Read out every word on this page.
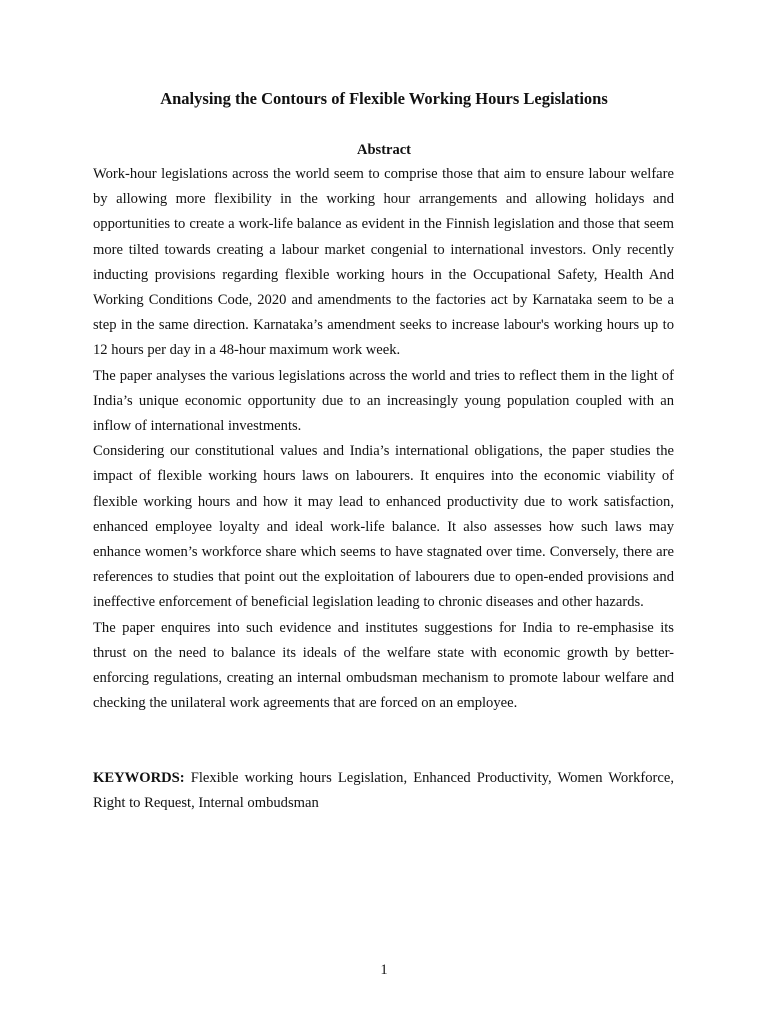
Analysing the Contours of Flexible Working Hours Legislations
Abstract

Work-hour legislations across the world seem to comprise those that aim to ensure labour welfare by allowing more flexibility in the working hour arrangements and allowing holidays and opportunities to create a work-life balance as evident in the Finnish legislation and those that seem more tilted towards creating a labour market congenial to international investors. Only recently inducting provisions regarding flexible working hours in the Occupational Safety, Health And Working Conditions Code, 2020 and amendments to the factories act by Karnataka seem to be a step in the same direction. Karnataka’s amendment seeks to increase labour's working hours up to 12 hours per day in a 48-hour maximum work week.

The paper analyses the various legislations across the world and tries to reflect them in the light of India’s unique economic opportunity due to an increasingly young population coupled with an inflow of international investments.

Considering our constitutional values and India’s international obligations, the paper studies the impact of flexible working hours laws on labourers. It enquires into the economic viability of flexible working hours and how it may lead to enhanced productivity due to work satisfaction, enhanced employee loyalty and ideal work-life balance. It also assesses how such laws may enhance women’s workforce share which seems to have stagnated over time. Conversely, there are references to studies that point out the exploitation of labourers due to open-ended provisions and ineffective enforcement of beneficial legislation leading to chronic diseases and other hazards.

The paper enquires into such evidence and institutes suggestions for India to re-emphasise its thrust on the need to balance its ideals of the welfare state with economic growth by better-enforcing regulations, creating an internal ombudsman mechanism to promote labour welfare and checking the unilateral work agreements that are forced on an employee.

KEYWORDS: Flexible working hours Legislation, Enhanced Productivity, Women Workforce, Right to Request, Internal ombudsman

1
